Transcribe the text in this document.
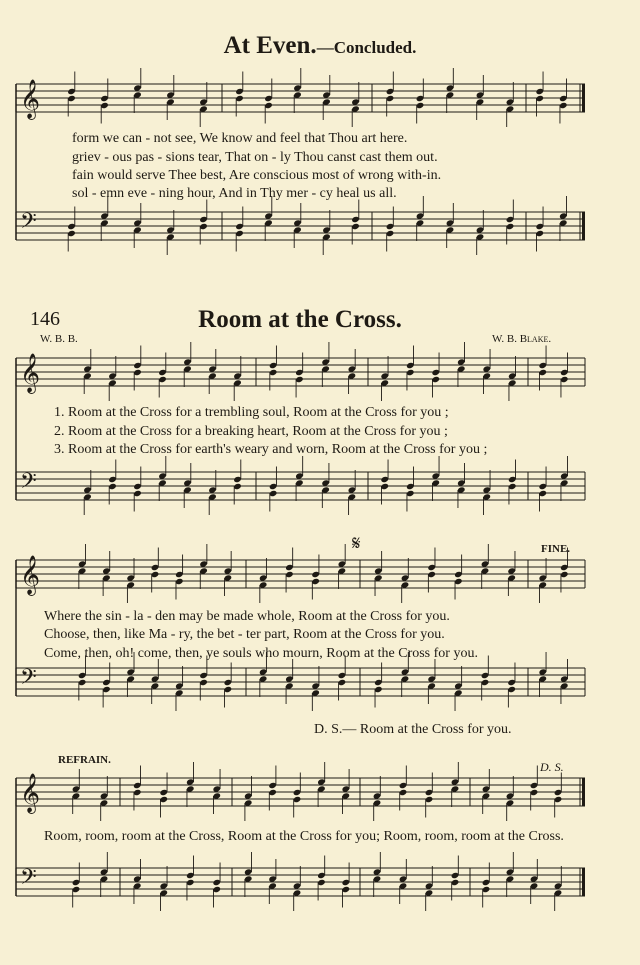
𝄞
𝄢
𝄞
𝄢
𝄞
𝄢
𝄞
𝄢
At Even.—Concluded.
form we can - not see, We know and feel that Thou art here.
griev - ous pas - sions tear, That on - ly Thou canst cast them out.
fain would serve Thee best, Are conscious most of wrong with-in.
sol - emn eve - ning hour, And in Thy mer - cy heal us all.
146	Room at the Cross.
W. B. B.	W. B. Blake.
1. Room at the Cross for a trembling soul, Room at the Cross for you ;
2. Room at the Cross for a breaking heart, Room at the Cross for you ;
3. Room at the Cross for earth's weary and worn, Room at the Cross for you ;
FINE.
𝄋
Where the sin - la - den may be made whole, Room at the Cross for you.
Choose, then, like Ma - ry, the bet - ter part, Room at the Cross for you.
Come, then, oh! come, then, ye souls who mourn, Room at the Cross for you.
D. S.— Room at the Cross for you.
REFRAIN.	D. S.
Room, room, room at the Cross, Room at the Cross for you; Room, room, room at the Cross.
